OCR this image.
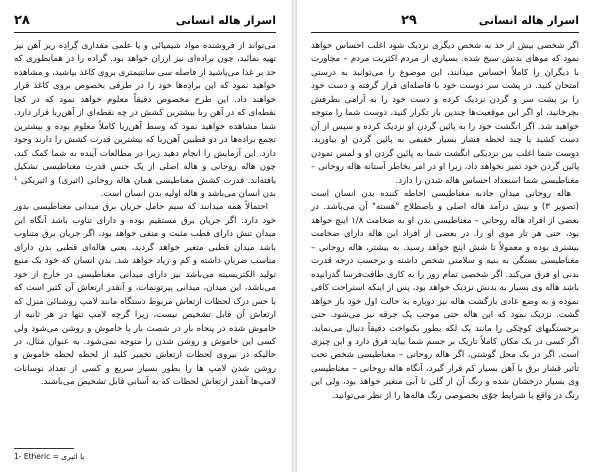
۲۸	اسرار هاله انسانی

می‌تواند از فروشنده مواد شیمیائی و یا علمی مقداری گِرادِه ریز آهن نیز تهیه نمائید، چون براده‌ای نیز ارزان خواهد بود. گراده را در همانطوری که حد بر غذا می‌پاشید از فاصله سی سانتیمتری بروی کاغذ بپاشید، و مشاهده خواهید نمود که این برادِه‌ها خود را در طرفی بخصوص بروی کاغذ قرار خواهند داد. این طرح مخصوص دقیقاً معلوم خواهد نمود که در کجا نقطه‌ای که در آهن ربا بیشترین کشش در چه نقطه‌ای از آهن‌ربا قرار دارد. شما مشاهده خواهید نمود که وسط آهن‌ربا کاملاً معلوم بوده و بیشترین تجمع براده‌ها در دو قطبین آهن‌ربا که بیشترین قدرت کشش را دارند وجود دارد. این آزمایش را انجام دهید زیرا در مطالعات آینده به شما کمک کند، چون هاله روحانی و هاله اصلی از یک جنس قدرت مغناطیسی تشکیل یافته‌اند. قدرت کشش مغناطیسی همان هاله روحانی (اثیری) و اثیریکی ¹ بدن انسان می‌باشد و هاله اولیه بدن انسان است.

احتمالاً همه میدانند که سیم حامل جریان برق میدانی مغناطیسی بدور خود دارد. اگر جریان برق مستقیم بوده و دارای تناوب باشد آنگاه این میدان تنش دارای قطب مثبت و منفی خواهد بود، اگر جریان برق متناوب باشد میدان قطبی متغیر خواهد گردید، یعنی هاله‌ای قطبی بدن دارای مناسب ضربان داشته و کم و زیاد خواهد شد. بدن انسان که خود یک منبع تولید الکتریسیته می‌باشد نیز دارای میدانی مغناطیسی در خارج از خود می‌باشد، این میدان، میدانی پیرتونمات، و آنقدر ارتعاش آن کثیر است که با حس درک لحظات ارتعاش مربوط دستگاه مانند لامپ روشنائی منزل که ارتعاش آن قابل تشخیص نیست، زیرا گرچه لامپ تنها در هر ثانیه از خاموش شده در پنجاه بار در شصت بار یا خاموش و روشن می‌شود ولی کسی این خاموش و روشن شدن را متوجه نمی‌شود. به عنوان مثال، در حالیکه در نیروی لحظات ارتعاش تخمیر کلید از لحظه لحظه خاموش و روشن شدن لامپ ها را بطور بسیار سریع و کسی از تعداد نوسانات لامپ‌ها آنقدر ارتعاش لحظات که به آسانی قابل تشخیص می‌باشند.

1- Etheric = با اثیری
۲۹	اسرار هاله انسانی

اگر شخصی بیش از حد به شخص دیگری نزدیک شود اغلب احساس خواهد نمود که موهای بدنش سیخ شده. بسیاری از مردم اکثریت مردم – مجاورت با دیگران را کاملاً احساس میدانند، این موضوع را می‌توانید به درستی امتحان کنید. در پشت سر دوست خود با فاصله‌ای قرار گرفته و دست خود را بر پشت سر و گردن نزدیک کرده و دست خود را به آرامی بطرفش بچرخانید، او اگر این موقعیت‌ها چندین بار تکرار کنید، دوست شما را متوجه خواهید شد. اگر انگشت خود را به پائین گردن او نزدیک کرده و سپس از آن دست کشید یا چند لحظه فشار بسیار خفیفی به پائین گردن او بیاورید. دوست شما اغلب بین نزدیکی انگشت شما به پائین گردن او و لمس نمودن پائین گردن خود تمیز نخواهد داد، زیرا او در امر بخاطر آستانه هاله روحانی – مغناطیسی شما استعداد احساس هاله شدن را دارد.

هاله روحانی میدان جاذبه مغناطیسی احاطه کننده بدن انسان است (تصویر ۳) و بیش درآمد هاله اصلی و باصطلاح "هسته" آن می‌باشد. در بعضی از افراد هاله روحانی – مغناطیسی بدن او به ضخامت ۱/۸ اینچ خواهد بود، حتی هر تار موی او را. در بعضی از افراد این هاله دارای ضخامت بیشتری بوده و معمولاً تا شش اینچ خواهد رسید. به بیشتر، هاله روحانی – مغناطیسی بستگی به بنیه و سلامتی شخص داشته و برحسب درجه قدرت بدنی او فرق می‌کند. اگر شخصی تمام روز را به کاری طاقت‌فرسا گذرانیده باشد هاله وی بسیار به بدنش نزدیک خواهد بود، پس از اینکه استراحت کافی نموده و به وضع عادی بازگشت هاله نیز دوباره به حالت اول خود باز خواهد گشت. نزدیک نمود که این هاله حتی موجب یک جرقه نیز می‌شود. حتی برجستگیهای کوچکی را مانند یک لکه بطور یکنواخت دقیقاً دنبال می‌نماید. اگر کسی در یک مکان کاملاً تاریک بر جسم شما بیاید فرق دارد و این چیزی است. اگر در یک محل گوشتی، اگر هاله روحانی – مغناطیسی شخص تحت تأثیر قشار برق با آهن بسیار کم قرار گیرد، آنگاه هاله روحانی – مغناطیسی وی بسیار درخشان شده و رنگ آن از گلی تا آبی متغیر خواهد بود، ولی این رنگ در واقع با شرایط جوّی بخصوصی رنگ هاله‌ها را از نظر می‌توانید.
